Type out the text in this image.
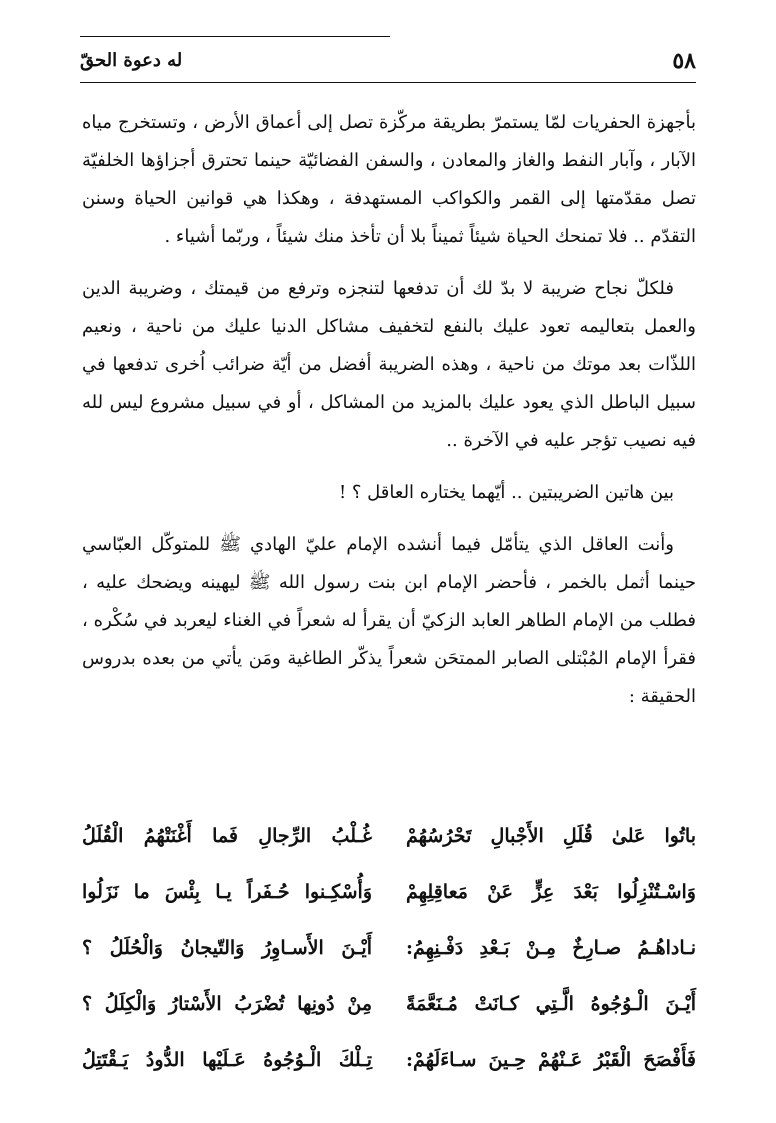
٥٨
له دعوة الحقّ

بأجهزة الحفريات لمّا يستمرّ بطريقة مركّزة تصل إلى أعماق الأرض ، وتستخرج مياه الآبار ، وآبار النفط والغاز والمعادن ، والسفن الفضائيّة حينما تحترق أجزاؤها الخلفيّة تصل مقدّمتها إلى القمر والكواكب المستهدفة ، وهكذا هي قوانين الحياة وسنن التقدّم .. فلا تمنحك الحياة شيئاً ثميناً بلا أن تأخذ منك شيئاً ، وربّما أشياء .

فلكلّ نجاح ضريبة لا بدّ لك أن تدفعها لتنجزه وترفع من قيمتك ، وضريبة الدين والعمل بتعاليمه تعود عليك بالنفع لتخفيف مشاكل الدنيا عليك من ناحية ، ونعيم اللذّات بعد موتك من ناحية ، وهذه الضريبة أفضل من أيّة ضرائب اُخرى تدفعها في سبيل الباطل الذي يعود عليك بالمزيد من المشاكل ، أو في سبيل مشروع ليس لله فيه نصيب تؤجر عليه في الآخرة ..

بين هاتين الضريبتين .. أيّهما يختاره العاقل ؟ !

وأنت العاقل الذي يتأمّل فيما أنشده الإمام عليّ الهادي ﷺ للمتوكّل العبّاسي حينما أثمل بالخمر ، فأحضر الإمام ابن بنت رسول الله ﷺ ليهينه ويضحك عليه ، فطلب من الإمام الطاهر العابد الزكيّ أن يقرأ له شعراً في الغناء ليعربد في سُكْره ، فقرأ الإمام المُبْتلى الصابر الممتحَن شعراً يذكّر الطاغية ومَن يأتي من بعده بدروس الحقيقة :

باتُوا عَلىٰ قُلَلِ الأَجْبالِ تَحْرُسُهُمْ
غُـلْبُ الرِّجالِ فَما أَغْنَتْهُمُ الْقُلَلُ
وَاسْـتُنْزِلُوا بَعْدَ عِزٍّ عَنْ مَعاقِلِهِمْ
وَأُسْكِـنوا حُـفَراً يـا بِئْسَ ما نَزَلُوا
نـاداهُـمُ صـارِخٌ مِـنْ بَـعْدِ دَفْـنِهِمُ:
أَيْـنَ الأَسـاوِرُ وَالتّيجانُ وَالْحُلَلُ ؟
أَيْـنَ الْـوُجُوهُ الَّـتِي كـانَتْ مُـنَعَّمَةً
مِنْ دُونِها تُضْرَبُ الأَسْتارُ وَالْكِلَلُ ؟
فَأَفْصَحَ الْقَبْرُ عَـنْهُمْ حِـينَ سـاءَلَهُمْ:
تِـلْكَ الْـوُجُوهُ عَـلَيْها الدُّودُ يَـقْتَتِلُ
